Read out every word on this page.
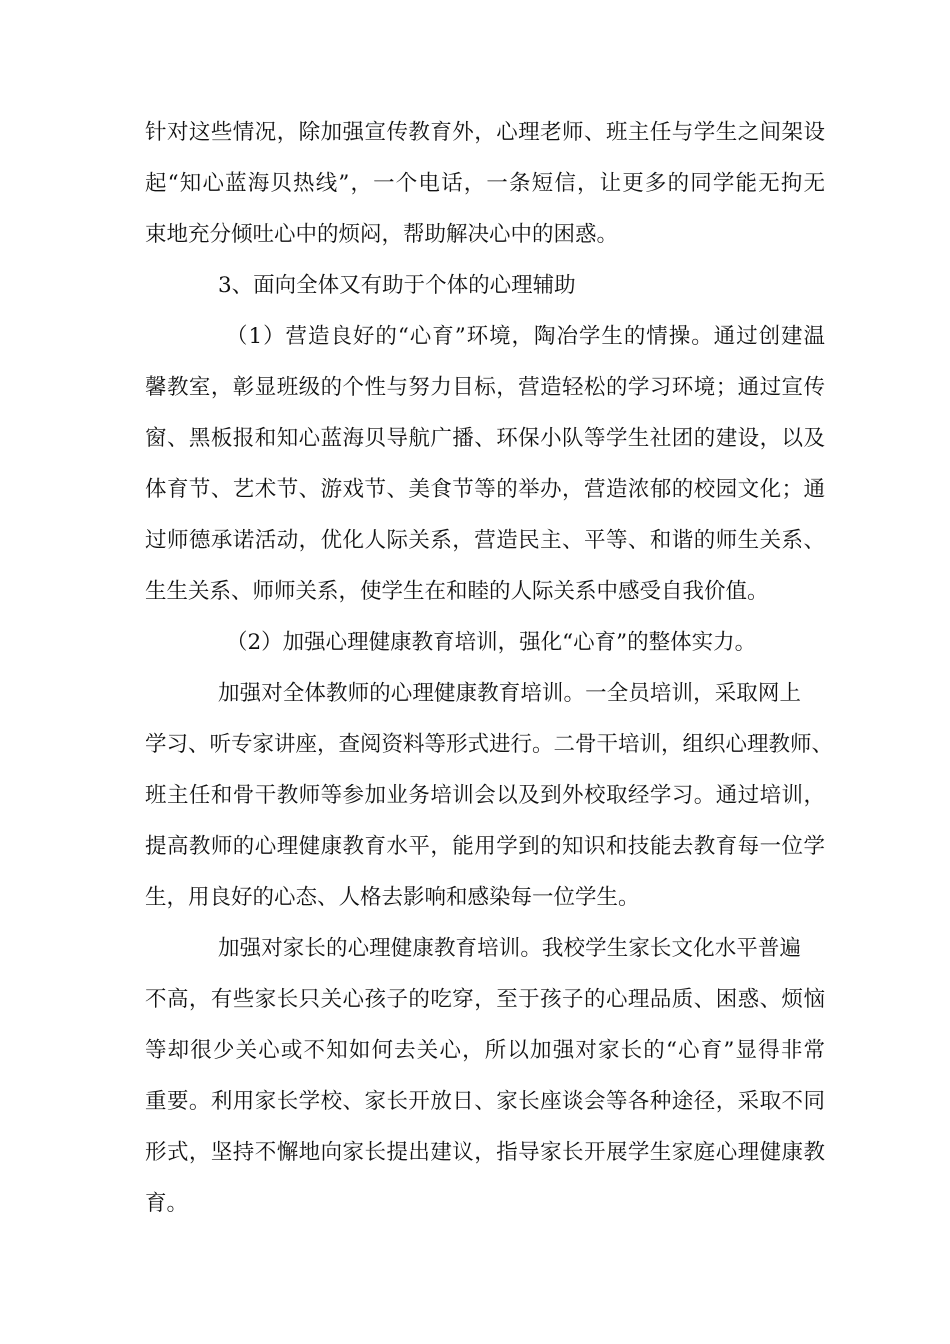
针对这些情况，除加强宣传教育外，心理老师、班主任与学生之间架设
起“知心蓝海贝热线”，一个电话，一条短信，让更多的同学能无拘无
束地充分倾吐心中的烦闷，帮助解决心中的困惑。
3、面向全体又有助于个体的心理辅助
（1）营造良好的“心育”环境，陶冶学生的情操。通过创建温
馨教室，彰显班级的个性与努力目标，营造轻松的学习环境；通过宣传
窗、黑板报和知心蓝海贝导航广播、环保小队等学生社团的建设，以及
体育节、艺术节、游戏节、美食节等的举办，营造浓郁的校园文化；通
过师德承诺活动，优化人际关系，营造民主、平等、和谐的师生关系、
生生关系、师师关系，使学生在和睦的人际关系中感受自我价值。
（2）加强心理健康教育培训，强化“心育”的整体实力。
加强对全体教师的心理健康教育培训。一全员培训，采取网上
学习、听专家讲座，查阅资料等形式进行。二骨干培训，组织心理教师、
班主任和骨干教师等参加业务培训会以及到外校取经学习。通过培训，
提高教师的心理健康教育水平，能用学到的知识和技能去教育每一位学
生，用良好的心态、人格去影响和感染每一位学生。
加强对家长的心理健康教育培训。我校学生家长文化水平普遍
不高，有些家长只关心孩子的吃穿，至于孩子的心理品质、困惑、烦恼
等却很少关心或不知如何去关心，所以加强对家长的“心育”显得非常
重要。利用家长学校、家长开放日、家长座谈会等各种途径，采取不同
形式，坚持不懈地向家长提出建议，指导家长开展学生家庭心理健康教
育。
